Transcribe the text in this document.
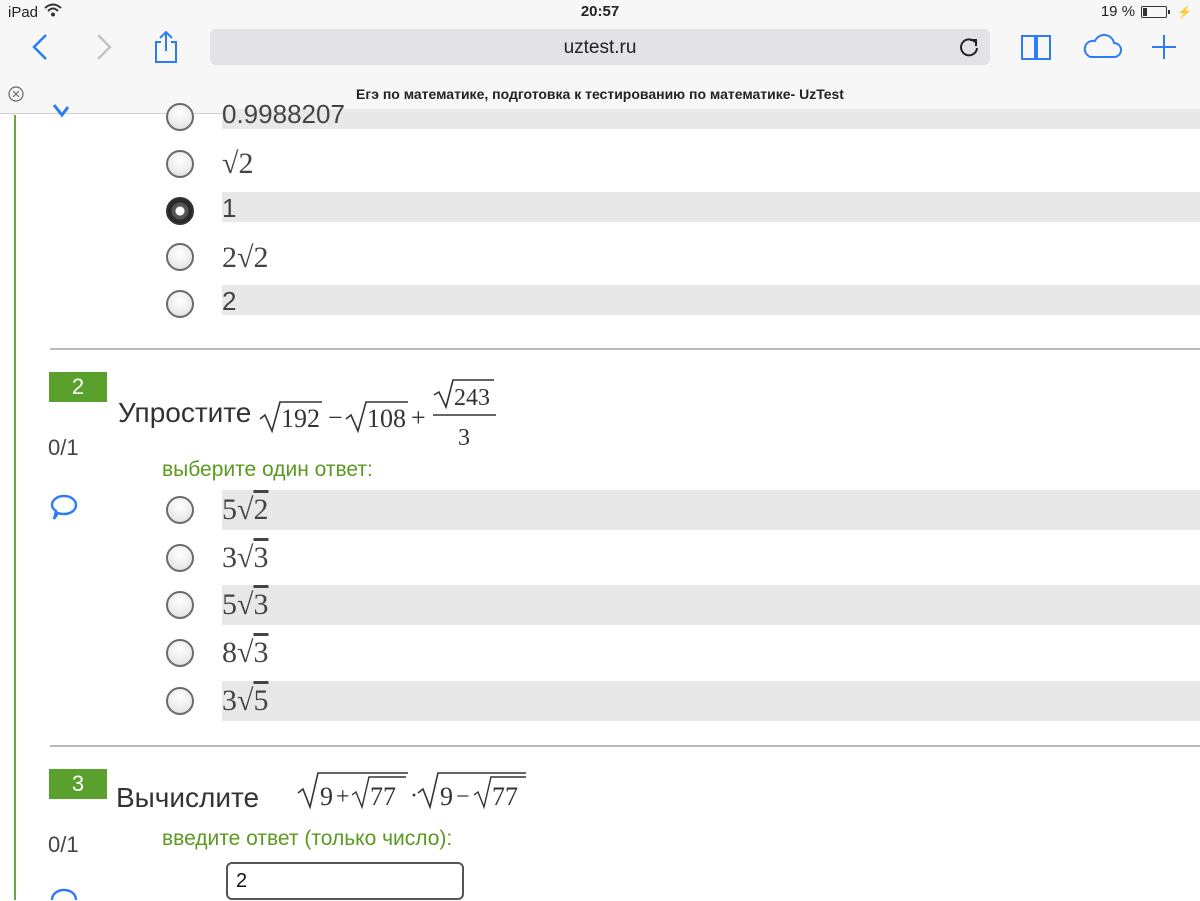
iPad	20:57	19 %	⚡
uztest.ru
Егэ по математике, подготовка к тестированию по математике- UzTest
0.9988207
√2
1
2√2
2
2
Упростите 192 − 108 +
243
3
0/1
выберите один ответ:
5√2
3√3
5√3
8√3
3√5
3	Вычислите 9 + 77 · 9 − 77
0/1	введите ответ (только число):
2
